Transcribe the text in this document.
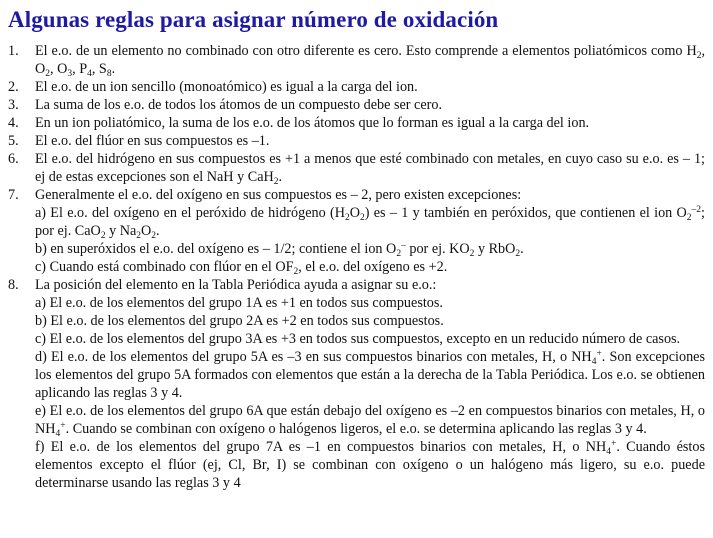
Algunas reglas para asignar número de oxidación
1. El e.o. de un elemento no combinado con otro diferente es cero. Esto comprende a elementos poliatómicos como $H_2$, $O_2$, $O_3$, $P_4$, $S_8$.
2. El e.o. de un ion sencillo (monoatómico) es igual a la carga del ion.
3. La suma de los e.o. de todos los átomos de un compuesto debe ser cero.
4. En un ion poliatómico, la suma de los e.o. de los átomos que lo forman es igual a la carga del ion.
5. El e.o. del flúor en sus compuestos es –1.
6. El e.o. del hidrógeno en sus compuestos es +1 a menos que esté combinado con metales, en cuyo caso su e.o. es – 1; ej de estas excepciones son el NaH y CaH$_2$.
7. Generalmente el e.o. del oxígeno en sus compuestos es – 2, pero existen excepciones:
a) El e.o. del oxígeno en el peróxido de hidrógeno $(H_2O_2)$ es – 1 y también en peróxidos, que contienen el ion $O_2^{-2}$; por ej. CaO$_2$ y $Na_2O_2$.
b) en superóxidos el e.o. del oxígeno es – 1/2; contiene el ion $O_2^-$ por ej. $KO_2$ y RbO$_2$.
c) Cuando está combinado con flúor en el $OF_2$, el e.o. del oxígeno es +2.
8. La posición del elemento en la Tabla Periódica ayuda a asignar su e.o.:
a) El e.o. de los elementos del grupo 1A es +1 en todos sus compuestos.
b) El e.o. de los elementos del grupo 2A es +2 en todos sus compuestos.
c) El e.o. de los elementos del grupo 3A es +3 en todos sus compuestos, excepto en un reducido número de casos.
d) El e.o. de los elementos del grupo 5A es –3 en sus compuestos binarios con metales, H, o $NH_4^+$. Son excepciones los elementos del grupo 5A formados con elementos que están a la derecha de la Tabla Periódica. Los e.o. se obtienen aplicando las reglas 3 y 4.
e) El e.o. de los elementos del grupo 6A que están debajo del oxígeno es –2 en compuestos binarios con metales, H, o $NH_4^+$. Cuando se combinan con oxígeno o halógenos ligeros, el e.o. se determina aplicando las reglas 3 y 4.
f) El e.o. de los elementos del grupo 7A es –1 en compuestos binarios con metales, H, o $NH_4^+$. Cuando éstos elementos excepto el flúor (ej, Cl, Br, I) se combinan con oxígeno o un halógeno más ligero, su e.o. puede determinarse usando las reglas 3 y 4
